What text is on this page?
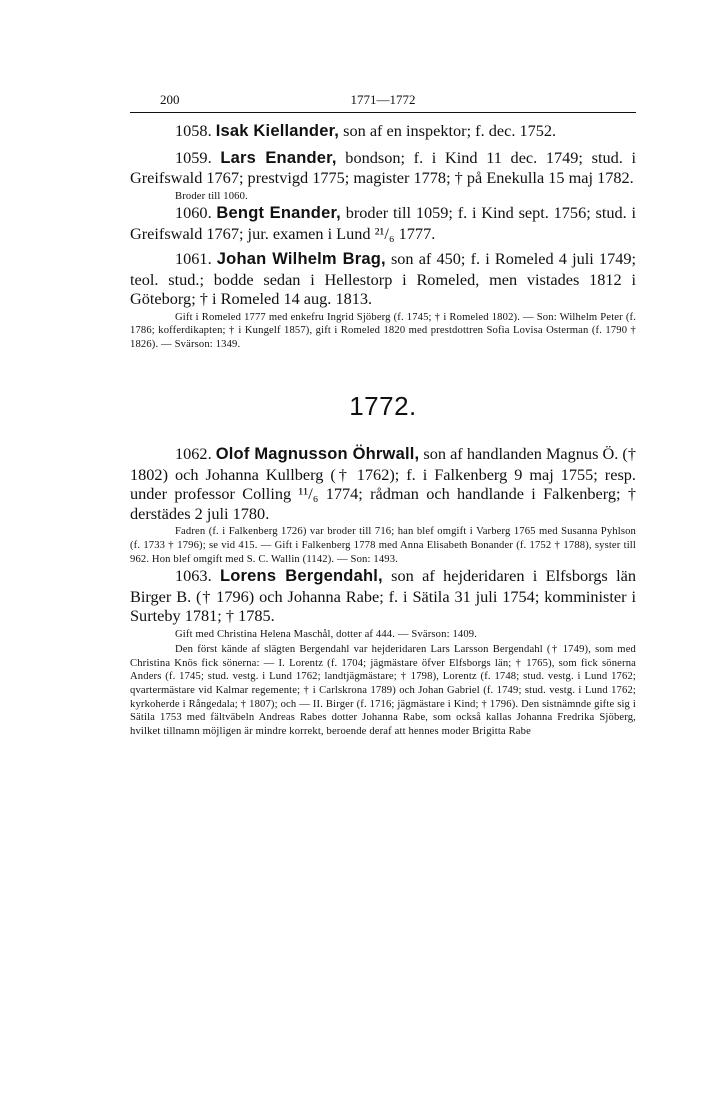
200	1771—1772

1058. Isak Kiellander, son af en inspektor; f. dec. 1752.

1059. Lars Enander, bondson; f. i Kind 11 dec. 1749; stud. i Greifswald 1767; prestvigd 1775; magister 1778; † på Enekulla 15 maj 1782.

Broder till 1060.

1060. Bengt Enander, broder till 1059; f. i Kind sept. 1756; stud. i Greifswald 1767; jur. examen i Lund ²¹/₆ 1777.

1061. Johan Wilhelm Brag, son af 450; f. i Romeled 4 juli 1749; teol. stud.; bodde sedan i Hellestorp i Romeled, men vistades 1812 i Göteborg; † i Romeled 14 aug. 1813.

Gift i Romeled 1777 med enkefru Ingrid Sjöberg (f. 1745; † i Romeled 1802). — Son: Wilhelm Peter (f. 1786; kofferdikapten; † i Kungelf 1857), gift i Romeled 1820 med prestdottren Sofia Lovisa Osterman (f. 1790 † 1826). — Svärson: 1349.

1772.

1062. Olof Magnusson Öhrwall, son af handlanden Magnus Ö. († 1802) och Johanna Kullberg († 1762); f. i Falkenberg 9 maj 1755; resp. under professor Colling ¹¹/₆ 1774; rådman och handlande i Falkenberg; † derstädes 2 juli 1780.

Fadren (f. i Falkenberg 1726) var broder till 716; han blef omgift i Varberg 1765 med Susanna Pyhlson (f. 1733 † 1796); se vid 415. — Gift i Falkenberg 1778 med Anna Elisabeth Bonander (f. 1752 † 1788), syster till 962. Hon blef omgift med S. C. Wallin (1142). — Son: 1493.

1063. Lorens Bergendahl, son af hejderidaren i Elfsborgs län Birger B. († 1796) och Johanna Rabe; f. i Sätila 31 juli 1754; komminister i Surteby 1781; † 1785.

Gift med Christina Helena Maschål, dotter af 444. — Svärson: 1409.

Den först kände af slägten Bergendahl var hejderidaren Lars Larsson Bergendahl († 1749), som med Christina Knös fick sönerna: — I. Lorentz (f. 1704; jägmästare öfver Elfsborgs län; † 1765), som fick sönerna Anders (f. 1745; stud. vestg. i Lund 1762; landtjägmästare; † 1798), Lorentz (f. 1748; stud. vestg. i Lund 1762; qvartermästare vid Kalmar regemente; † i Carlskrona 1789) och Johan Gabriel (f. 1749; stud. vestg. i Lund 1762; kyrkoherde i Rångedala; † 1807); och — II. Birger (f. 1716; jägmästare i Kind; † 1796). Den sistnämnde gifte sig i Sätila 1753 med fältväbeln Andreas Rabes dotter Johanna Rabe, som också kallas Johanna Fredrika Sjöberg, hvilket tillnamn möjligen är mindre korrekt, beroende deraf att hennes moder Brigitta Rabe
